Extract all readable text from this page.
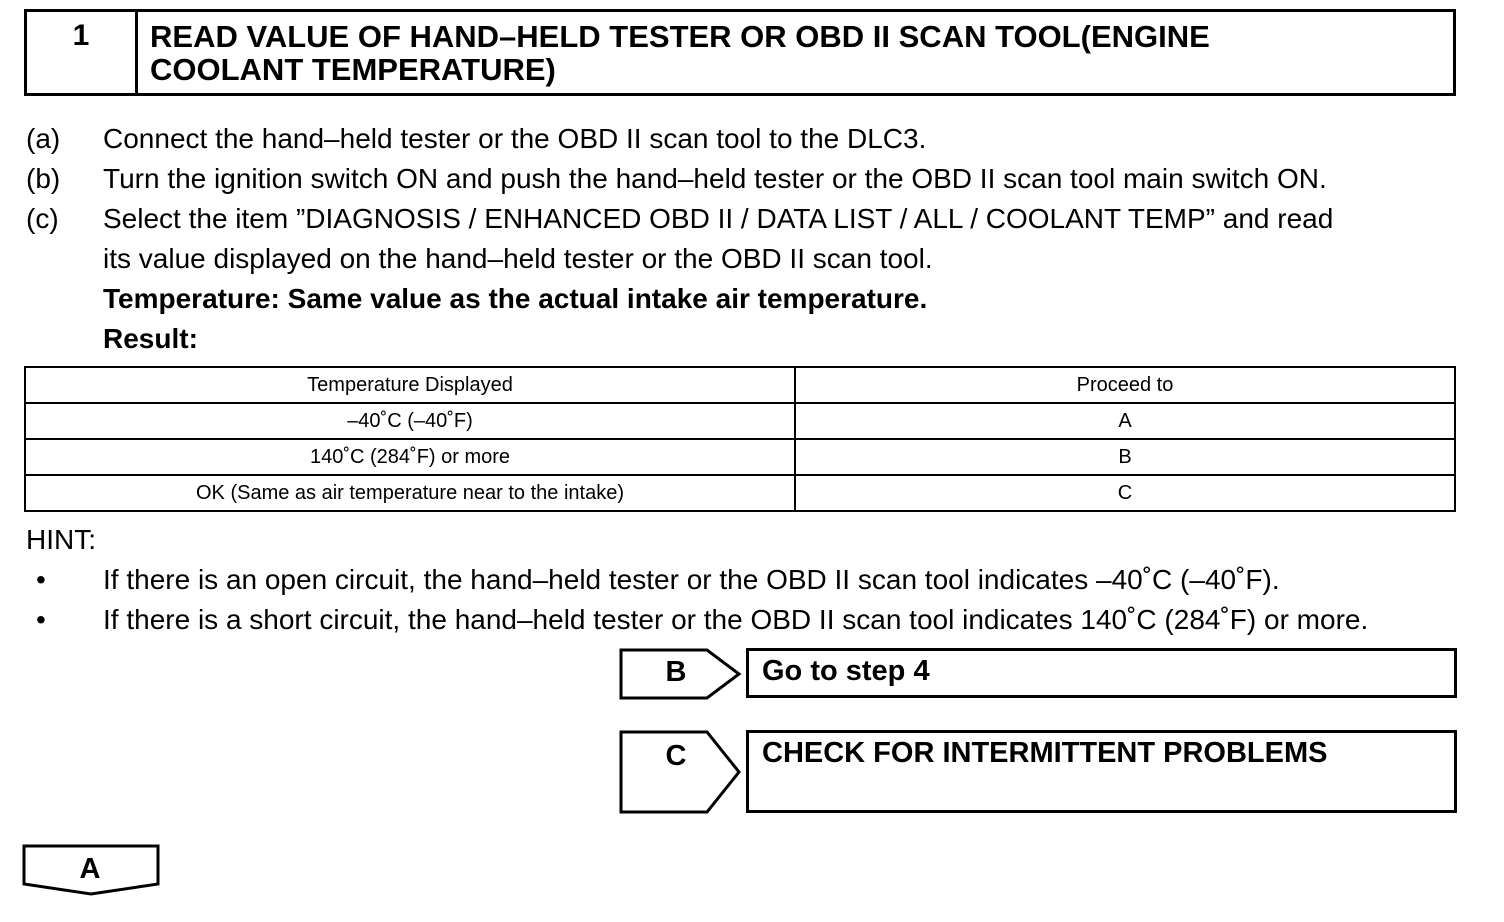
1	READ VALUE OF HAND–HELD TESTER OR OBD II SCAN TOOL(ENGINE
COOLANT TEMPERATURE)
(a) Connect the hand–held tester or the OBD II scan tool to the DLC3.
(b) Turn the ignition switch ON and push the hand–held tester or the OBD II scan tool main switch ON.
(c) Select the item ”DIAGNOSIS / ENHANCED OBD II / DATA LIST / ALL / COOLANT TEMP” and read
its value displayed on the hand–held tester or the OBD II scan tool.
Temperature: Same value as the actual intake air temperature.
Result:
Temperature Displayed	Proceed to
–40˚C (–40˚F)	A
140˚C (284˚F) or more	B
OK (Same as air temperature near to the intake)	C
HINT:
• If there is an open circuit, the hand–held tester or the OBD II scan tool indicates –40˚C (–40˚F).
• If there is a short circuit, the hand–held tester or the OBD II scan tool indicates 140˚C (284˚F) or more.
B	Go to step 4
C	CHECK FOR INTERMITTENT PROBLEMS
A
